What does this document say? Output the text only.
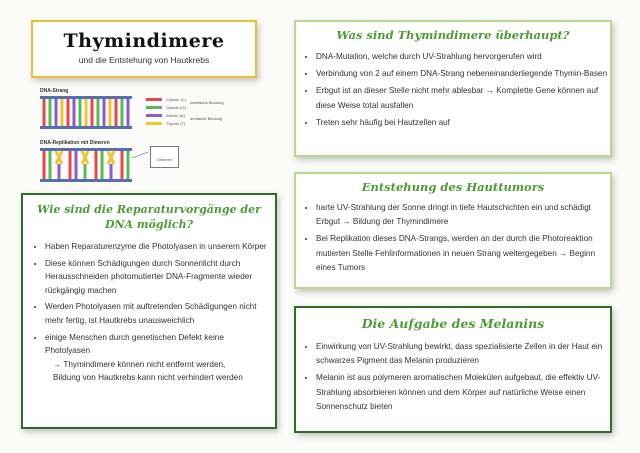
Thymindimere
und die Entstehung von Hautkrebs
DNA-Strang
Cytosin (C)
Guanin (G)
Adenin (A)
Thymin (T)
zweifache Bindung
dreifache Bindung
DNA-Replikation mit Dimeren
Dimeren
Was sind Thymindimere überhaupt?
• DNA-Mutation, welche durch UV-Strahlung hervorgerufen wird
• Verbindung von 2 auf einem DNA-Strang nebeneinanderliegende Thymin-Basen
• Erbgut ist an dieser Stelle nicht mehr ablesbar → Komplette Gene können auf diese Weise total ausfallen
• Treten sehr häufig bei Hautzellen auf
Entstehung des Hauttumors
• harte UV-Strahlung der Sonne dringt in tiefe Hautschichten ein und schädigt Erbgut → Bildung der Thymindimere
• Bei Replikation dieses DNA-Strangs, werden an der durch die Photoreaktion mutierten Stelle Fehlinformationen in neuen Strang weitergegeben → Beginn eines Tumors
Die Aufgabe des Melanins
• Einwirkung von UV-Strahlung bewirkt, dass spezialisierte Zellen in der Haut ein schwarzes Pigment das Melanin produzieren
• Melanin ist aus polymeren aromatischen Molekülen aufgebaut, die effektiv UV-Strahlung absorbieren können und dem Körper auf natürliche Weise einen Sonnenschutz bieten
Wie sind die Reparaturvorgänge der DNA möglich?
• Haben Reparaturenzyme die Photolyasen in unserem Körper
• Diese können Schädigungen durch Sonnenlicht durch Herausschneiden photomutierter DNA-Fragmente wieder rückgängig machen
• Werden Photolyasen mit auftretenden Schädigungen nicht mehr fertig, ist Hautkrebs unausweichlich
• einige Menschen durch genetischen Defekt keine Photolyasen
→ Thymindimere können nicht entfernt werden,
Bildung von Hautkrebs kann nicht verhindert werden
